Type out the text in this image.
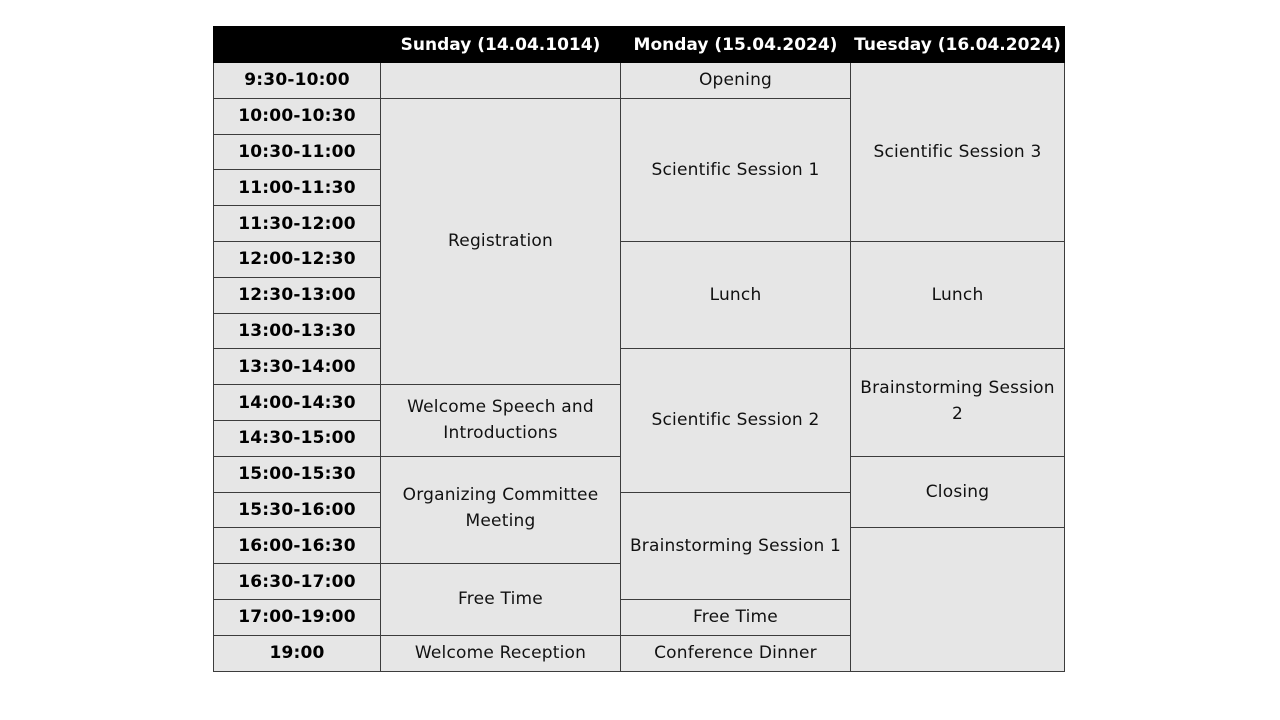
	Sunday (14.04.1014)	Monday (15.04.2024)	Tuesday (16.04.2024)
9:30-10:00		Opening	Scientific Session 3
10:00-10:30	Registration	Scientific Session 1	
10:30-11:00			
11:00-11:30			
11:30-12:00			
12:00-12:30		Lunch	Lunch
12:30-13:00			
13:00-13:30			
13:30-14:00		Scientific Session 2	Brainstorming Session 2
14:00-14:30	Welcome Speech and Introductions		
14:30-15:00			
15:00-15:30	Organizing Committee Meeting		Closing
15:30-16:00		Brainstorming Session 1	
16:00-16:30			
16:30-17:00	Free Time		
17:00-19:00		Free Time	
19:00	Welcome Reception	Conference Dinner	
